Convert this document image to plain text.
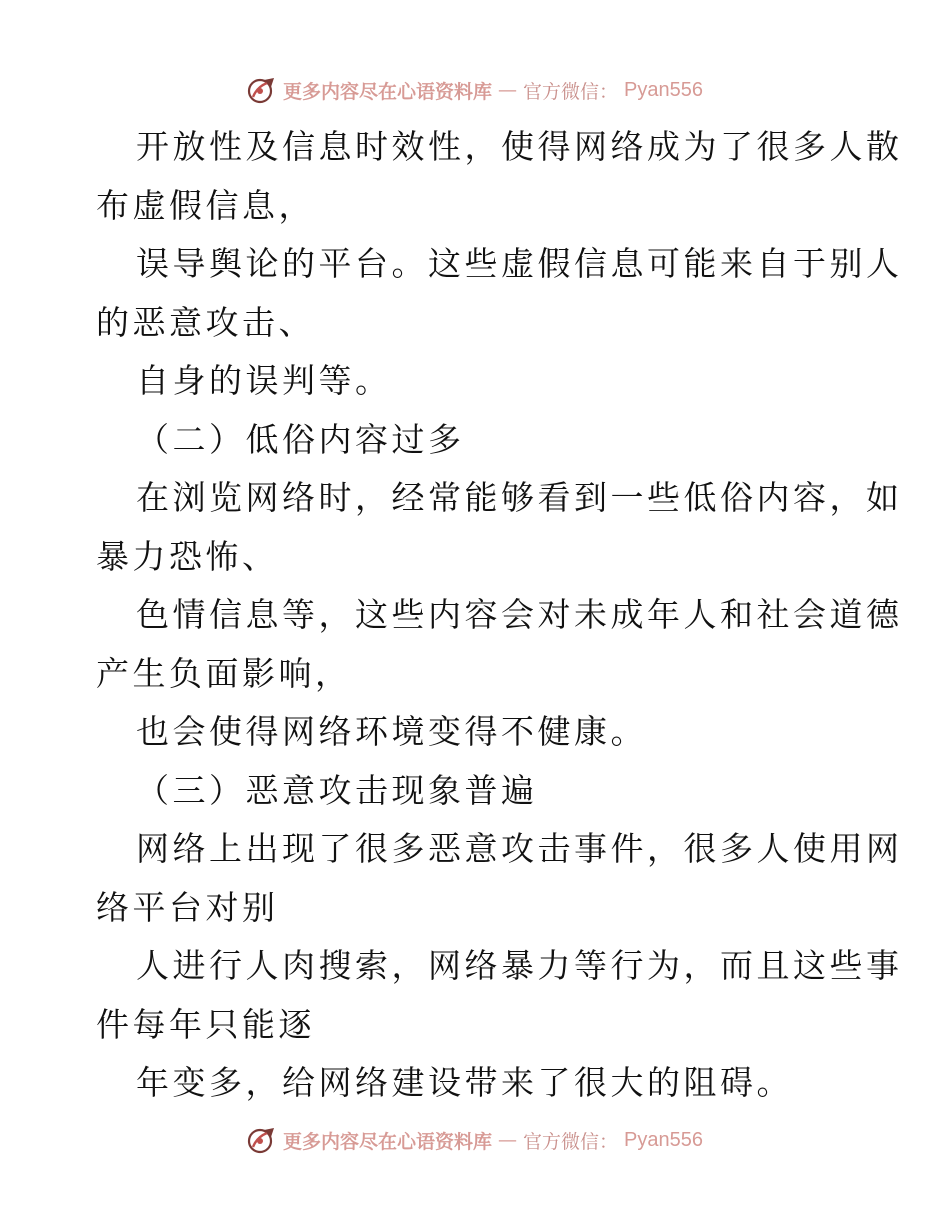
更多内容尽在心语资料库 — 官方微信： Pyan556
开放性及信息时效性，使得网络成为了很多人散
布虚假信息，
误导舆论的平台。这些虚假信息可能来自于别人
的恶意攻击、
自身的误判等。
（二）低俗内容过多
在浏览网络时，经常能够看到一些低俗内容，如
暴力恐怖、
色情信息等，这些内容会对未成年人和社会道德
产生负面影响，
也会使得网络环境变得不健康。
（三）恶意攻击现象普遍
网络上出现了很多恶意攻击事件，很多人使用网
络平台对别
人进行人肉搜索，网络暴力等行为，而且这些事
件每年只能逐
年变多，给网络建设带来了很大的阻碍。
更多内容尽在心语资料库 — 官方微信： Pyan556
